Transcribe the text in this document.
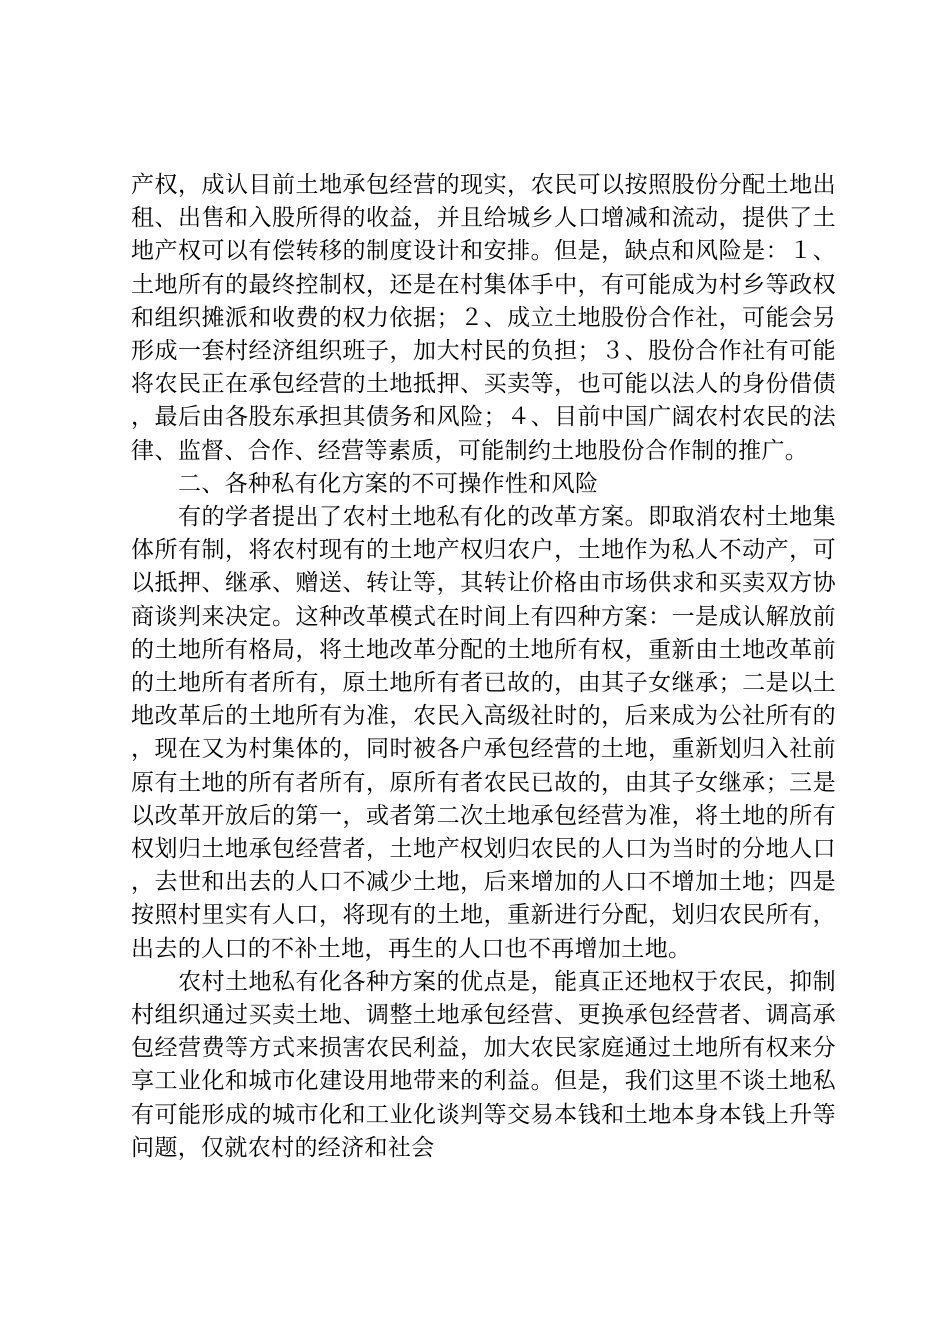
产权，成认目前土地承包经营的现实，农民可以按照股份分配土地出租、出售和入股所得的收益，并且给城乡人口增减和流动，提供了土地产权可以有偿转移的制度设计和安排。但是，缺点和风险是：１、土地所有的最终控制权，还是在村集体手中，有可能成为村乡等政权和组织摊派和收费的权力依据；２、成立土地股份合作社，可能会另形成一套村经济组织班子，加大村民的负担；３、股份合作社有可能将农民正在承包经营的土地抵押、买卖等，也可能以法人的身份借债，最后由各股东承担其债务和风险；４、目前中国广阔农村农民的法律、监督、合作、经营等素质，可能制约土地股份合作制的推广。

二、各种私有化方案的不可操作性和风险

有的学者提出了农村土地私有化的改革方案。即取消农村土地集体所有制，将农村现有的土地产权归农户，土地作为私人不动产，可以抵押、继承、赠送、转让等，其转让价格由市场供求和买卖双方协商谈判来决定。这种改革模式在时间上有四种方案：一是成认解放前的土地所有格局，将土地改革分配的土地所有权，重新由土地改革前的土地所有者所有，原土地所有者已故的，由其子女继承；二是以土地改革后的土地所有为准，农民入高级社时的，后来成为公社所有的，现在又为村集体的，同时被各户承包经营的土地，重新划归入社前原有土地的所有者所有，原所有者农民已故的，由其子女继承；三是以改革开放后的第一，或者第二次土地承包经营为准，将土地的所有权划归土地承包经营者，土地产权划归农民的人口为当时的分地人口，去世和出去的人口不减少土地，后来增加的人口不增加土地；四是按照村里实有人口，将现有的土地，重新进行分配，划归农民所有，出去的人口的不补土地，再生的人口也不再增加土地。

农村土地私有化各种方案的优点是，能真正还地权于农民，抑制村组织通过买卖土地、调整土地承包经营、更换承包经营者、调高承包经营费等方式来损害农民利益，加大农民家庭通过土地所有权来分享工业化和城市化建设用地带来的利益。但是，我们这里不谈土地私有可能形成的城市化和工业化谈判等交易本钱和土地本身本钱上升等问题，仅就农村的经济和社会
